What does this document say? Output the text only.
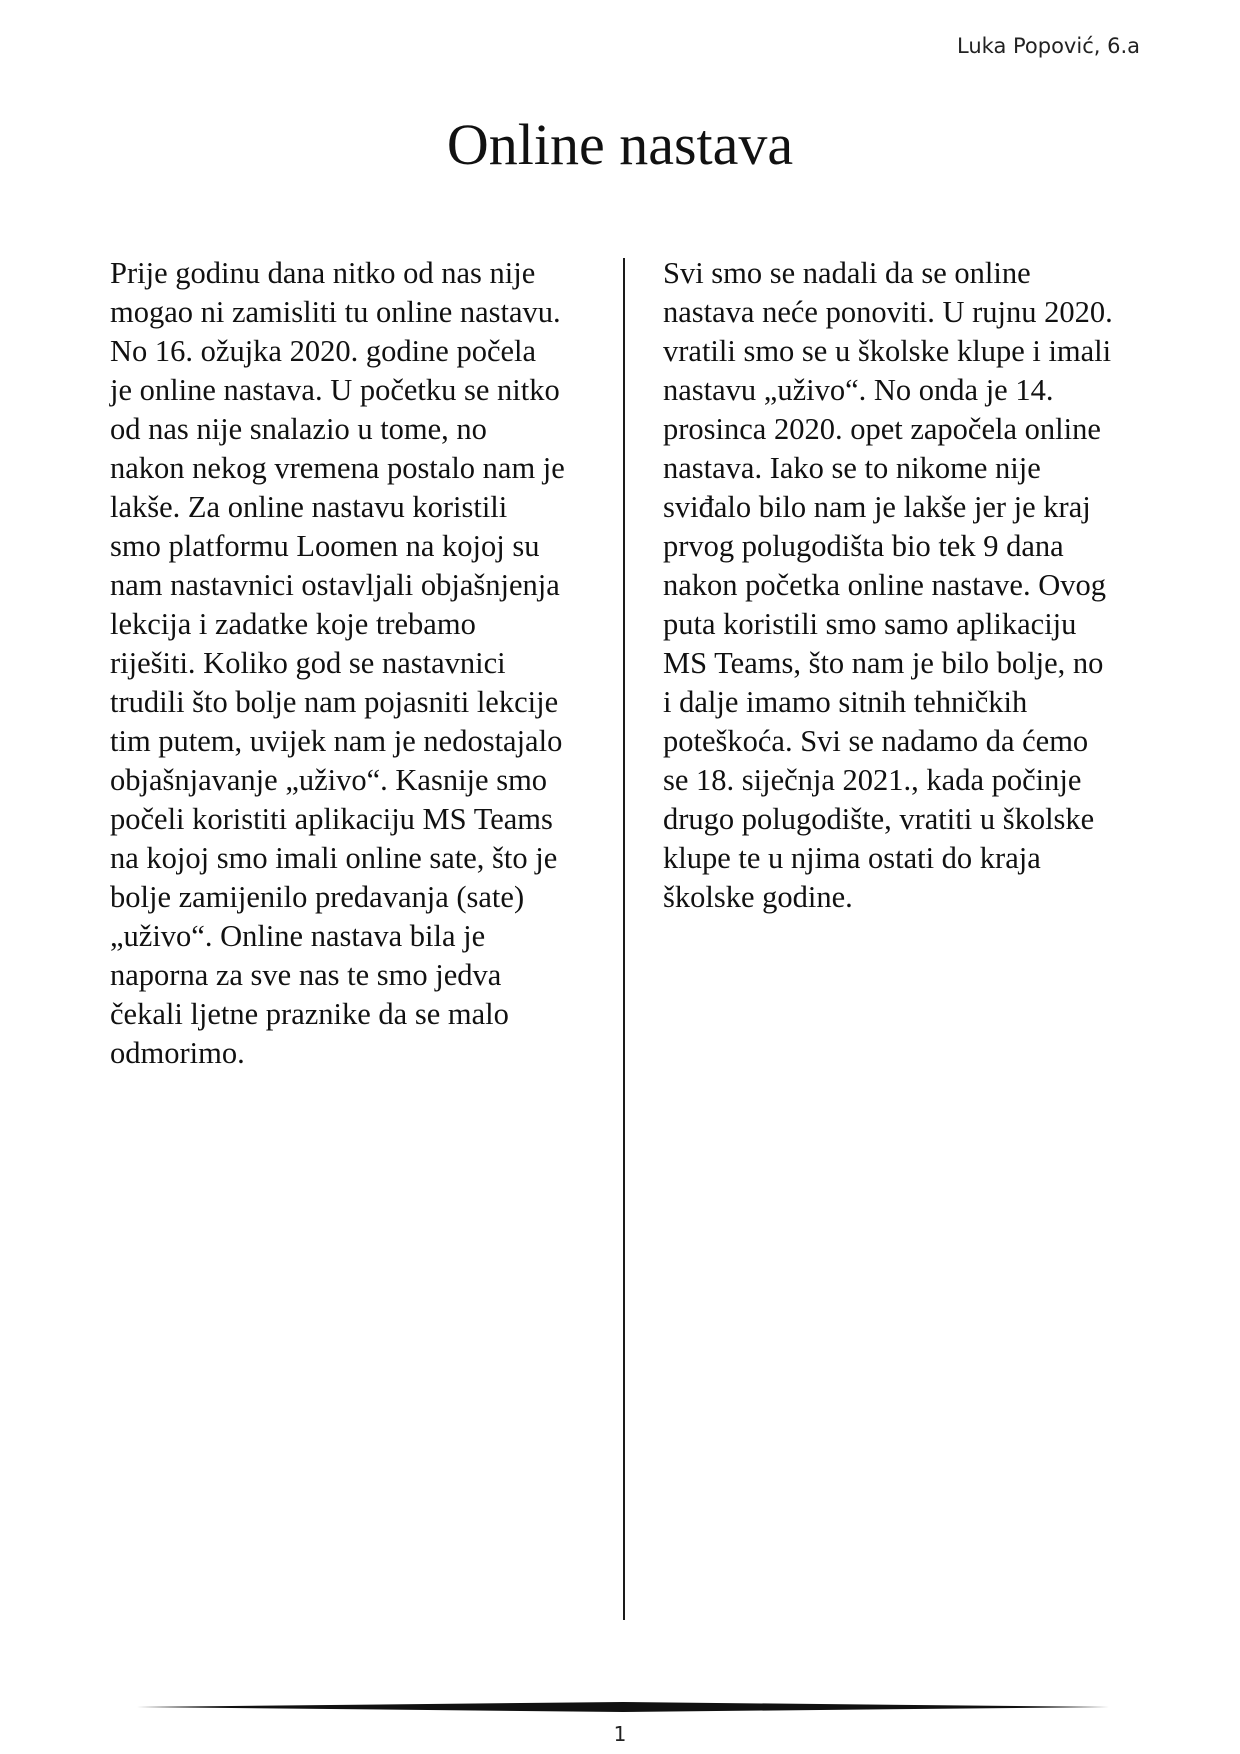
Luka Popović, 6.a
Online nastava

Prije godinu dana nitko od nas nije
mogao ni zamisliti tu online nastavu.
No 16. ožujka 2020. godine počela
je online nastava. U početku se nitko
od nas nije snalazio u tome, no
nakon nekog vremena postalo nam je
lakše. Za online nastavu koristili
smo platformu Loomen na kojoj su
nam nastavnici ostavljali objašnjenja
lekcija i zadatke koje trebamo
riješiti. Koliko god se nastavnici
trudili što bolje nam pojasniti lekcije
tim putem, uvijek nam je nedostajalo
objašnjavanje „uživo“. Kasnije smo
počeli koristiti aplikaciju MS Teams
na kojoj smo imali online sate, što je
bolje zamijenilo predavanja (sate)
„uživo“. Online nastava bila je
naporna za sve nas te smo jedva
čekali ljetne praznike da se malo
odmorimo.

Svi smo se nadali da se online
nastava neće ponoviti. U rujnu 2020.
vratili smo se u školske klupe i imali
nastavu „uživo“. No onda je 14.
prosinca 2020. opet započela online
nastava. Iako se to nikome nije
sviđalo bilo nam je lakše jer je kraj
prvog polugodišta bio tek 9 dana
nakon početka online nastave. Ovog
puta koristili smo samo aplikaciju
MS Teams, što nam je bilo bolje, no
i dalje imamo sitnih tehničkih
poteškoća. Svi se nadamo da ćemo
se 18. siječnja 2021., kada počinje
drugo polugodište, vratiti u školske
klupe te u njima ostati do kraja
školske godine.

1
